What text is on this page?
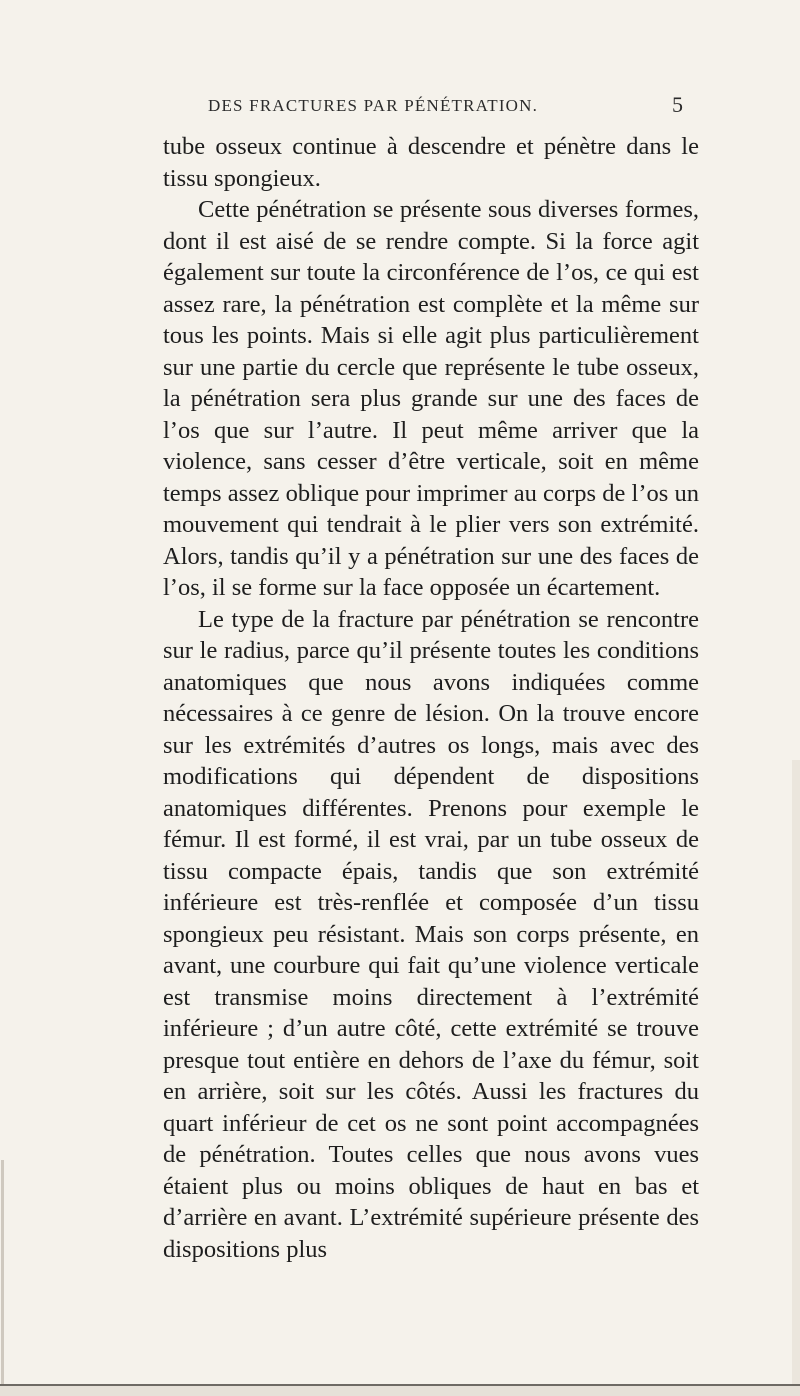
DES FRACTURES PAR PÉNÉTRATION.	5

tube osseux continue à descendre et pénètre dans le tissu spongieux.

Cette pénétration se présente sous diverses formes, dont il est aisé de se rendre compte. Si la force agit également sur toute la circonférence de l’os, ce qui est assez rare, la pénétration est complète et la même sur tous les points. Mais si elle agit plus particulièrement sur une partie du cercle que représente le tube osseux, la pénétration sera plus grande sur une des faces de l’os que sur l’autre. Il peut même arriver que la violence, sans cesser d’être verticale, soit en même temps assez oblique pour imprimer au corps de l’os un mouvement qui tendrait à le plier vers son extrémité. Alors, tandis qu’il y a pénétration sur une des faces de l’os, il se forme sur la face opposée un écartement.

Le type de la fracture par pénétration se rencontre sur le radius, parce qu’il présente toutes les conditions anatomiques que nous avons indiquées comme nécessaires à ce genre de lésion. On la trouve encore sur les extrémités d’autres os longs, mais avec des modifications qui dépendent de dispositions anatomiques différentes. Prenons pour exemple le fémur. Il est formé, il est vrai, par un tube osseux de tissu compacte épais, tandis que son extrémité inférieure est très-renflée et composée d’un tissu spongieux peu résistant. Mais son corps présente, en avant, une courbure qui fait qu’une violence verticale est transmise moins directement à l’extrémité inférieure ; d’un autre côté, cette extrémité se trouve presque tout entière en dehors de l’axe du fémur, soit en arrière, soit sur les côtés. Aussi les fractures du quart inférieur de cet os ne sont point accompagnées de pénétration. Toutes celles que nous avons vues étaient plus ou moins obliques de haut en bas et d’arrière en avant. L’extrémité supérieure présente des dispositions plus
